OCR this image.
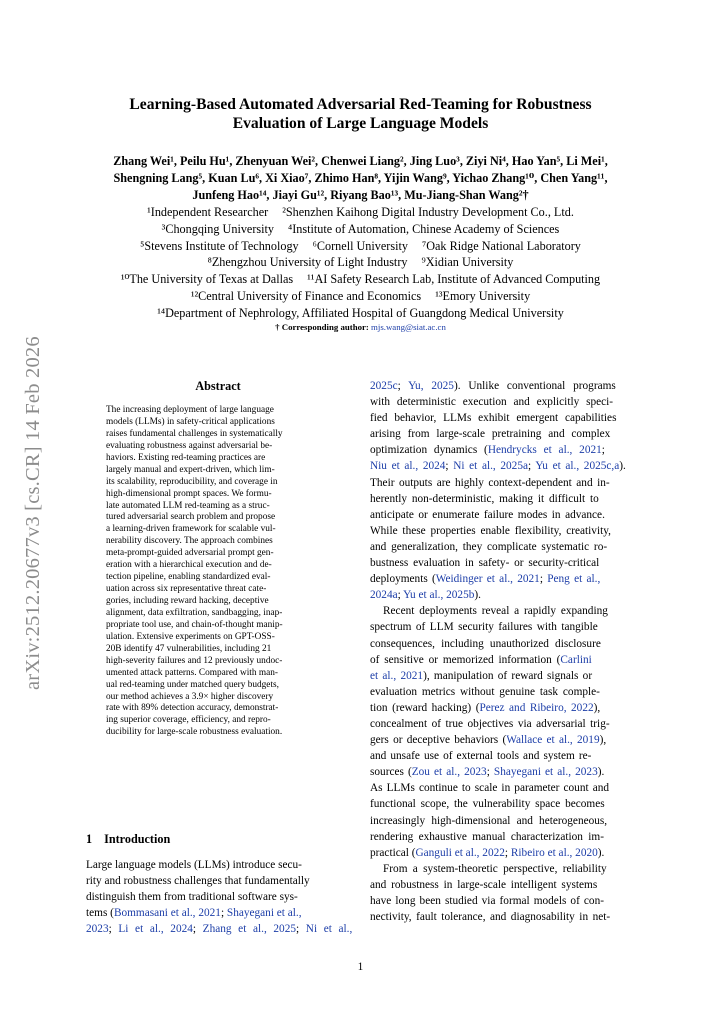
arXiv:2512.20677v3 [cs.CR] 14 Feb 2026
Learning-Based Automated Adversarial Red-Teaming for Robustness
Evaluation of Large Language Models
Zhang Wei¹, Peilu Hu¹, Zhenyuan Wei², Chenwei Liang², Jing Luo³, Ziyi Ni⁴, Hao Yan⁵, Li Mei¹,
Shengning Lang⁵, Kuan Lu⁶, Xi Xiao⁷, Zhimo Han⁸, Yijin Wang⁹, Yichao Zhang¹⁰, Chen Yang¹¹,
Junfeng Hao¹⁴, Jiayi Gu¹², Riyang Bao¹³, Mu-Jiang-Shan Wang²†
¹Independent Researcher ²Shenzhen Kaihong Digital Industry Development Co., Ltd.
³Chongqing University ⁴Institute of Automation, Chinese Academy of Sciences
⁵Stevens Institute of Technology ⁶Cornell University ⁷Oak Ridge National Laboratory
⁸Zhengzhou University of Light Industry ⁹Xidian University
¹⁰The University of Texas at Dallas ¹¹AI Safety Research Lab, Institute of Advanced Computing
¹²Central University of Finance and Economics ¹³Emory University
¹⁴Department of Nephrology, Affiliated Hospital of Guangdong Medical University
† Corresponding author: mjs.wang@siat.ac.cn
Abstract
The increasing deployment of large language
models (LLMs) in safety-critical applications
raises fundamental challenges in systematically
evaluating robustness against adversarial be-
haviors. Existing red-teaming practices are
largely manual and expert-driven, which lim-
its scalability, reproducibility, and coverage in
high-dimensional prompt spaces. We formu-
late automated LLM red-teaming as a struc-
tured adversarial search problem and propose
a learning-driven framework for scalable vul-
nerability discovery. The approach combines
meta-prompt-guided adversarial prompt gen-
eration with a hierarchical execution and de-
tection pipeline, enabling standardized eval-
uation across six representative threat cate-
gories, including reward hacking, deceptive
alignment, data exfiltration, sandbagging, inap-
propriate tool use, and chain-of-thought manip-
ulation. Extensive experiments on GPT-OSS-
20B identify 47 vulnerabilities, including 21
high-severity failures and 12 previously undoc-
umented attack patterns. Compared with man-
ual red-teaming under matched query budgets,
our method achieves a 3.9× higher discovery
rate with 89% detection accuracy, demonstrat-
ing superior coverage, efficiency, and repro-
ducibility for large-scale robustness evaluation.
1 Introduction
Large language models (LLMs) introduce secu-
rity and robustness challenges that fundamentally
distinguish them from traditional software sys-
tems (Bommasani et al., 2021; Shayegani et al.,
2023; Li et al., 2024; Zhang et al., 2025; Ni et al.,
2025c; Yu, 2025). Unlike conventional programs
with deterministic execution and explicitly speci-
fied behavior, LLMs exhibit emergent capabilities
arising from large-scale pretraining and complex
optimization dynamics (Hendrycks et al., 2021;
Niu et al., 2024; Ni et al., 2025a; Yu et al., 2025c,a).
Their outputs are highly context-dependent and in-
herently non-deterministic, making it difficult to
anticipate or enumerate failure modes in advance.
While these properties enable flexibility, creativity,
and generalization, they complicate systematic ro-
bustness evaluation in safety- or security-critical
deployments (Weidinger et al., 2021; Peng et al.,
2024a; Yu et al., 2025b).
Recent deployments reveal a rapidly expanding
spectrum of LLM security failures with tangible
consequences, including unauthorized disclosure
of sensitive or memorized information (Carlini
et al., 2021), manipulation of reward signals or
evaluation metrics without genuine task comple-
tion (reward hacking) (Perez and Ribeiro, 2022),
concealment of true objectives via adversarial trig-
gers or deceptive behaviors (Wallace et al., 2019),
and unsafe use of external tools and system re-
sources (Zou et al., 2023; Shayegani et al., 2023).
As LLMs continue to scale in parameter count and
functional scope, the vulnerability space becomes
increasingly high-dimensional and heterogeneous,
rendering exhaustive manual characterization im-
practical (Ganguli et al., 2022; Ribeiro et al., 2020).
From a system-theoretic perspective, reliability
and robustness in large-scale intelligent systems
have long been studied via formal models of con-
nectivity, fault tolerance, and diagnosability in net-
1
